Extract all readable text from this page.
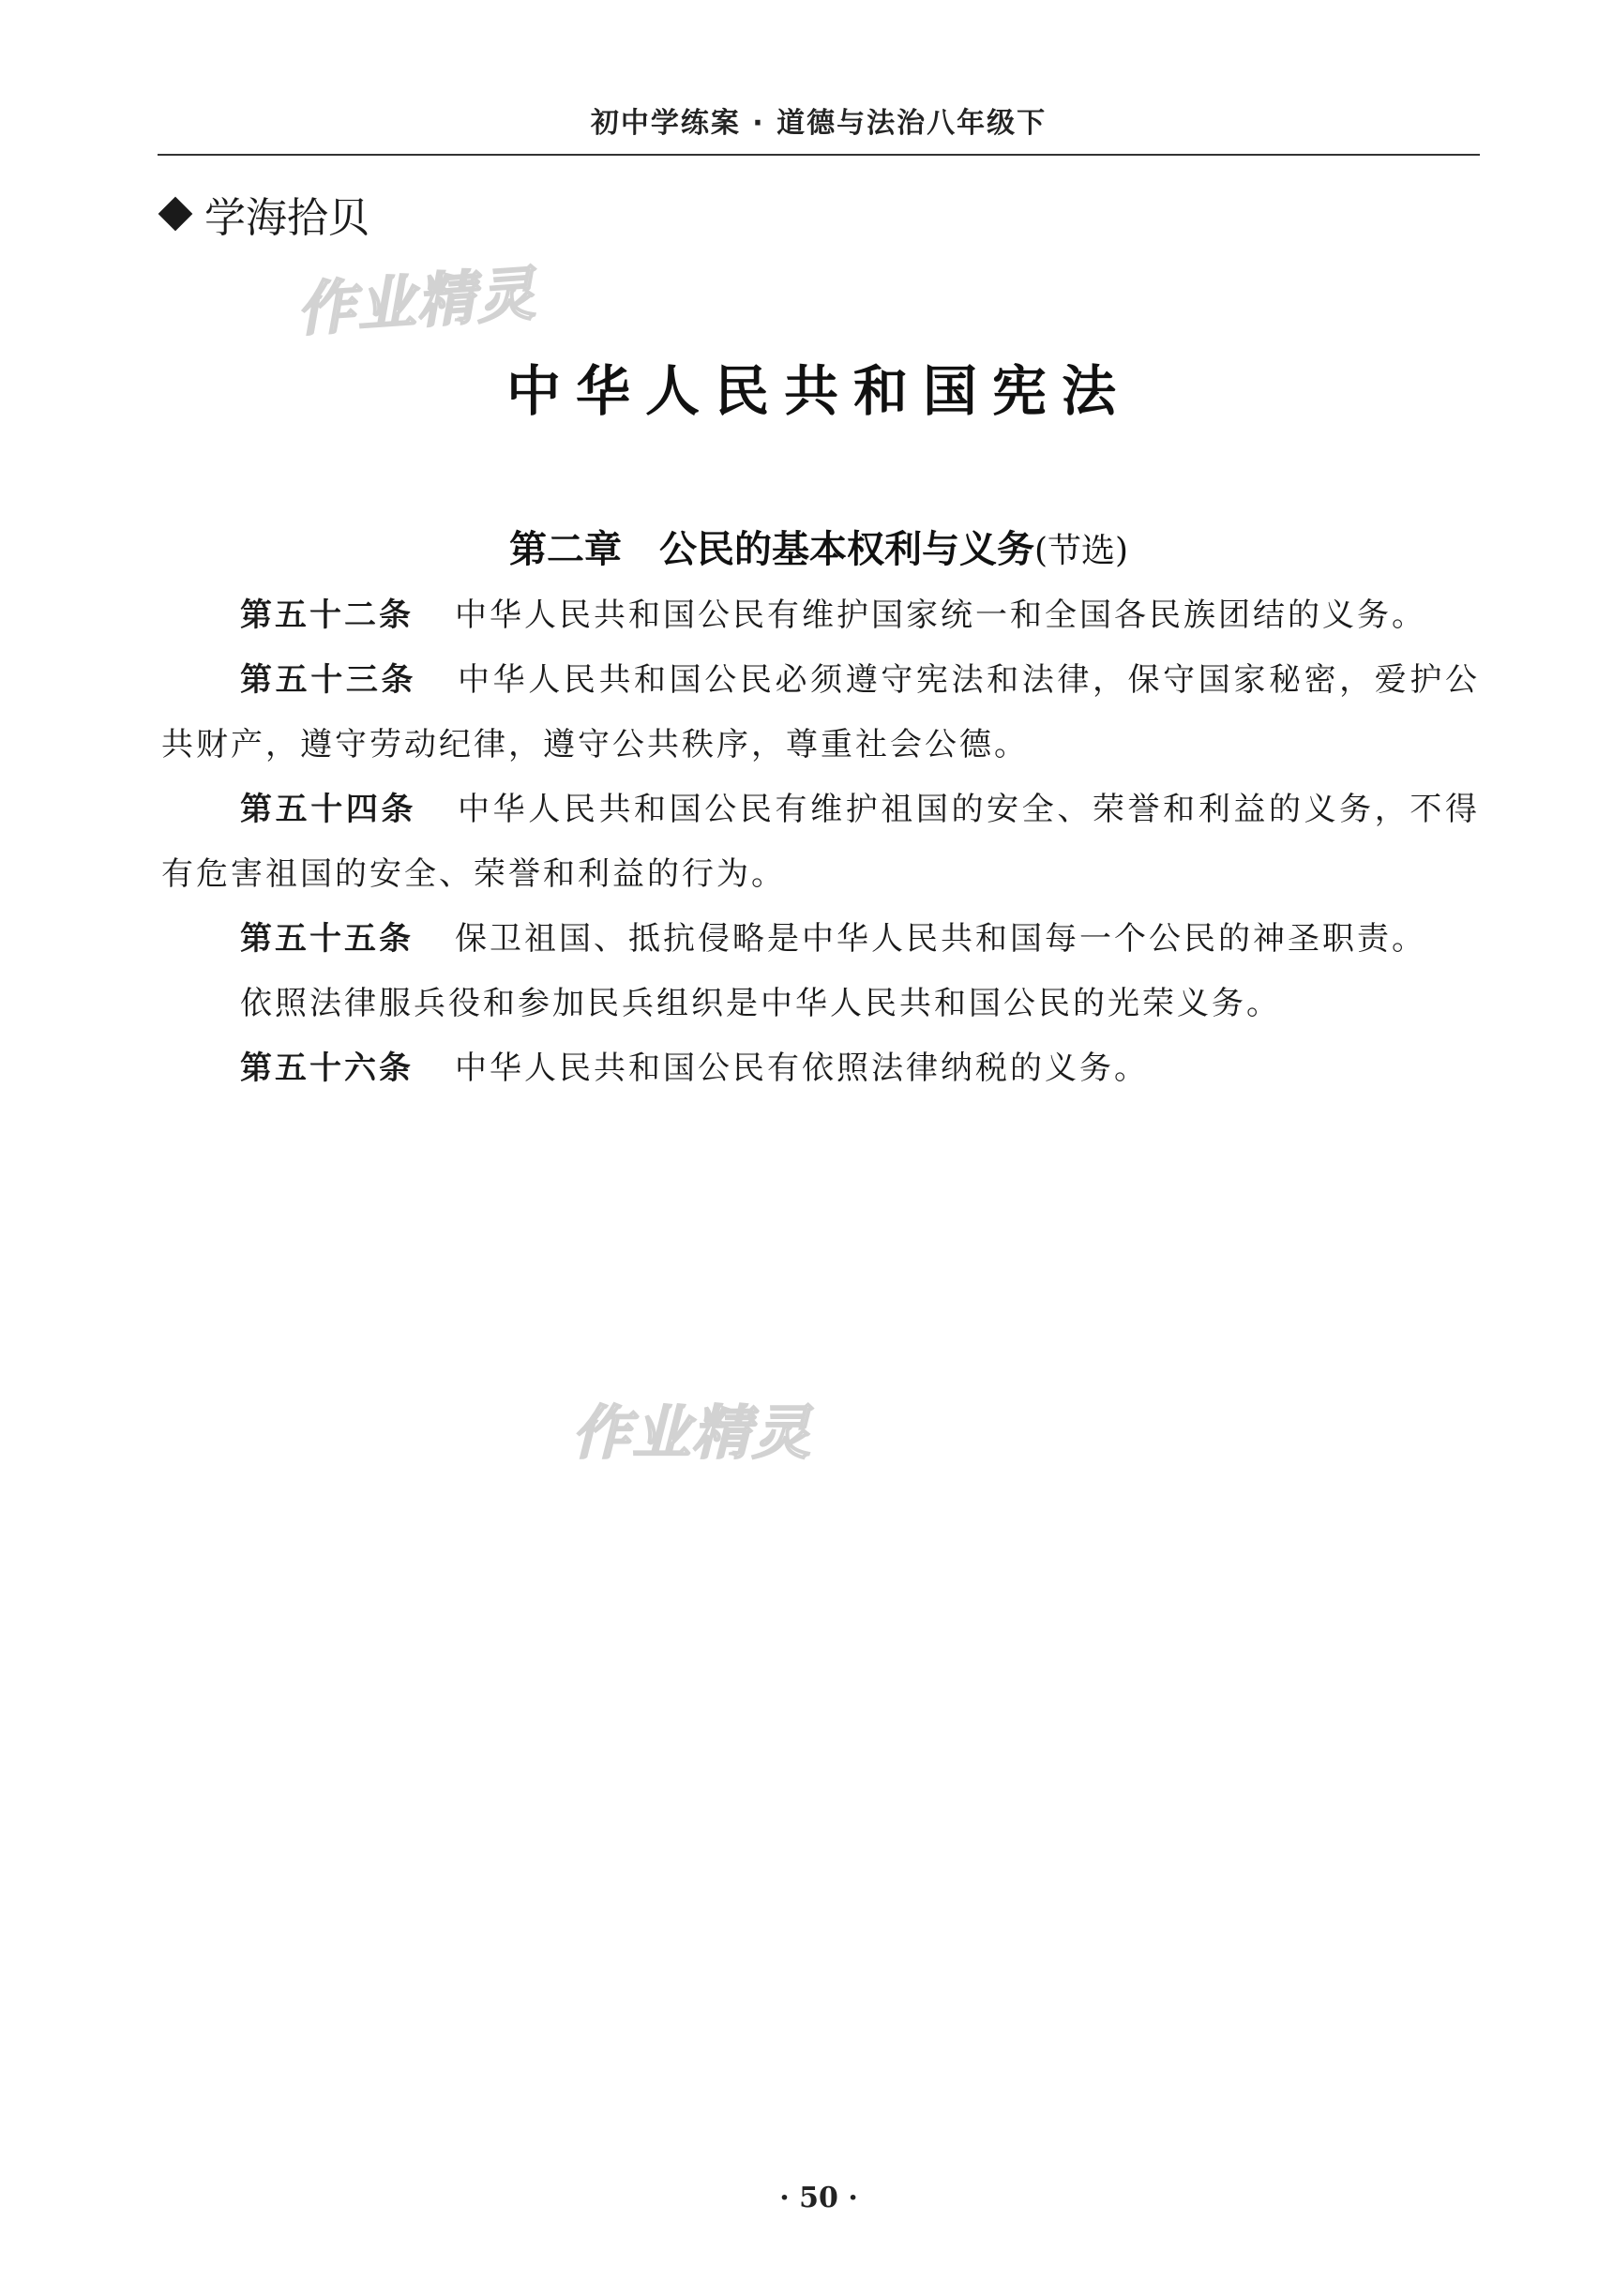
初中学练案 · 道德与法治八年级下
学海拾贝
作业精灵
中华人民共和国宪法
第二章　公民的基本权利与义务(节选)

第五十二条 中华人民共和国公民有维护国家统一和全国各民族团结的义务。

第五十三条 中华人民共和国公民必须遵守宪法和法律，保守国家秘密，爱护公共财产，遵守劳动纪律，遵守公共秩序，尊重社会公德。

第五十四条 中华人民共和国公民有维护祖国的安全、荣誉和利益的义务，不得有危害祖国的安全、荣誉和利益的行为。

第五十五条 保卫祖国、抵抗侵略是中华人民共和国每一个公民的神圣职责。

依照法律服兵役和参加民兵组织是中华人民共和国公民的光荣义务。

第五十六条 中华人民共和国公民有依照法律纳税的义务。

作业精灵
· 50 ·
